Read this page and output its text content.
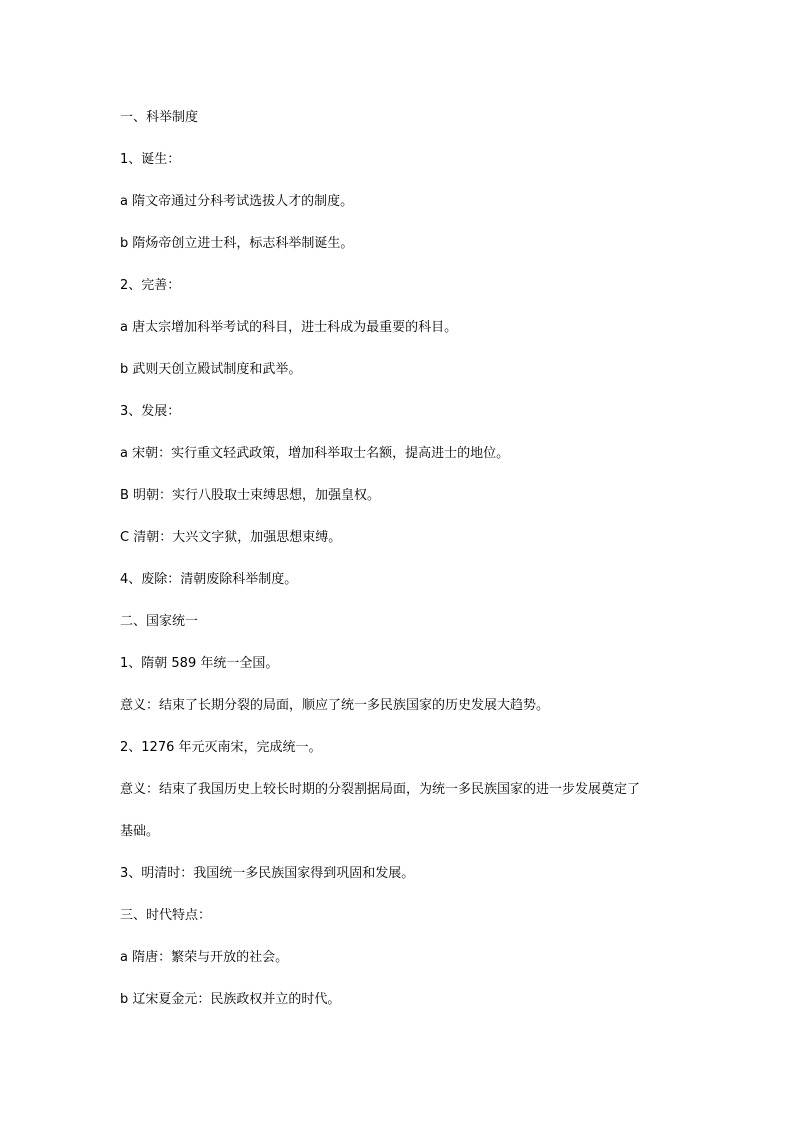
一、科举制度
1、诞生：
a 隋文帝通过分科考试选拔人才的制度。
b 隋炀帝创立进士科，标志科举制诞生。
2、完善：
a 唐太宗增加科举考试的科目，进士科成为最重要的科目。
b 武则天创立殿试制度和武举。
3、发展：
a 宋朝：实行重文轻武政策，增加科举取士名额，提高进士的地位。
B 明朝：实行八股取士束缚思想，加强皇权。
C 清朝：大兴文字狱，加强思想束缚。
4、废除：清朝废除科举制度。
二、国家统一
1、隋朝 589 年统一全国。
意义：结束了长期分裂的局面，顺应了统一多民族国家的历史发展大趋势。
2、1276 年元灭南宋，完成统一。
意义：结束了我国历史上较长时期的分裂割据局面，为统一多民族国家的进一步发展奠定了
基础。
3、明清时：我国统一多民族国家得到巩固和发展。
三、时代特点：
a 隋唐：繁荣与开放的社会。
b 辽宋夏金元：民族政权并立的时代。
